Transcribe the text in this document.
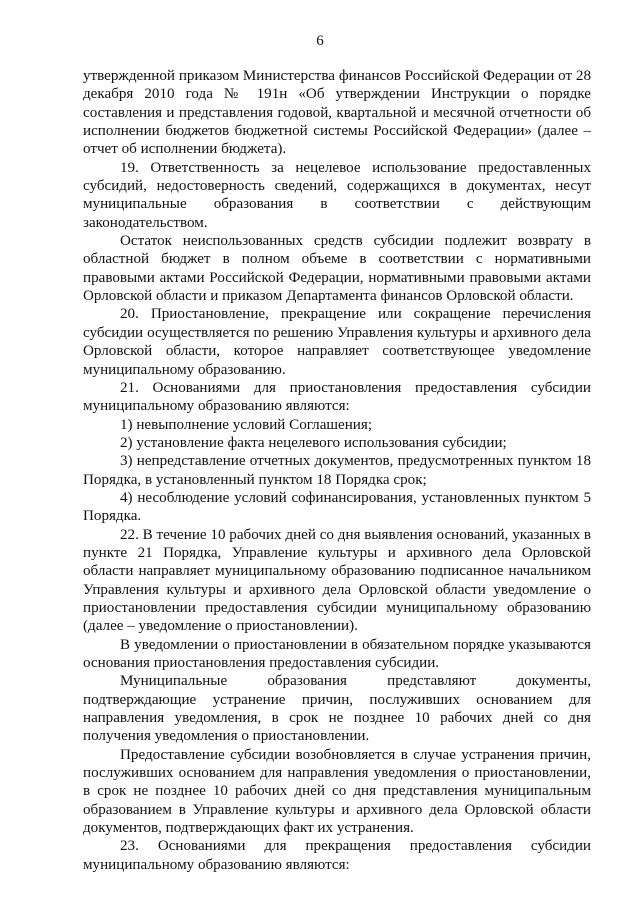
6

утвержденной приказом Министерства финансов Российской Федерации от 28 декабря 2010 года № 191н «Об утверждении Инструкции о порядке составления и представления годовой, квартальной и месячной отчетности об исполнении бюджетов бюджетной системы Российской Федерации» (далее – отчет об исполнении бюджета).

19. Ответственность за нецелевое использование предоставленных субсидий, недостоверность сведений, содержащихся в документах, несут муниципальные образования в соответствии с действующим законодательством.

Остаток неиспользованных средств субсидии подлежит возврату в областной бюджет в полном объеме в соответствии с нормативными правовыми актами Российской Федерации, нормативными правовыми актами Орловской области и приказом Департамента финансов Орловской области.

20. Приостановление, прекращение или сокращение перечисления субсидии осуществляется по решению Управления культуры и архивного дела Орловской области, которое направляет соответствующее уведомление муниципальному образованию.

21. Основаниями для приостановления предоставления субсидии муниципальному образованию являются:

1) невыполнение условий Соглашения;

2) установление факта нецелевого использования субсидии;

3) непредставление отчетных документов, предусмотренных пунктом 18 Порядка, в установленный пунктом 18 Порядка срок;

4) несоблюдение условий софинансирования, установленных пунктом 5 Порядка.

22. В течение 10 рабочих дней со дня выявления оснований, указанных в пункте 21 Порядка, Управление культуры и архивного дела Орловской области направляет муниципальному образованию подписанное начальником Управления культуры и архивного дела Орловской области уведомление о приостановлении предоставления субсидии муниципальному образованию (далее – уведомление о приостановлении).

В уведомлении о приостановлении в обязательном порядке указываются основания приостановления предоставления субсидии.

Муниципальные образования представляют документы, подтверждающие устранение причин, послуживших основанием для направления уведомления, в срок не позднее 10 рабочих дней со дня получения уведомления о приостановлении.

Предоставление субсидии возобновляется в случае устранения причин, послуживших основанием для направления уведомления о приостановлении, в срок не позднее 10 рабочих дней со дня представления муниципальным образованием в Управление культуры и архивного дела Орловской области документов, подтверждающих факт их устранения.

23. Основаниями для прекращения предоставления субсидии муниципальному образованию являются:
